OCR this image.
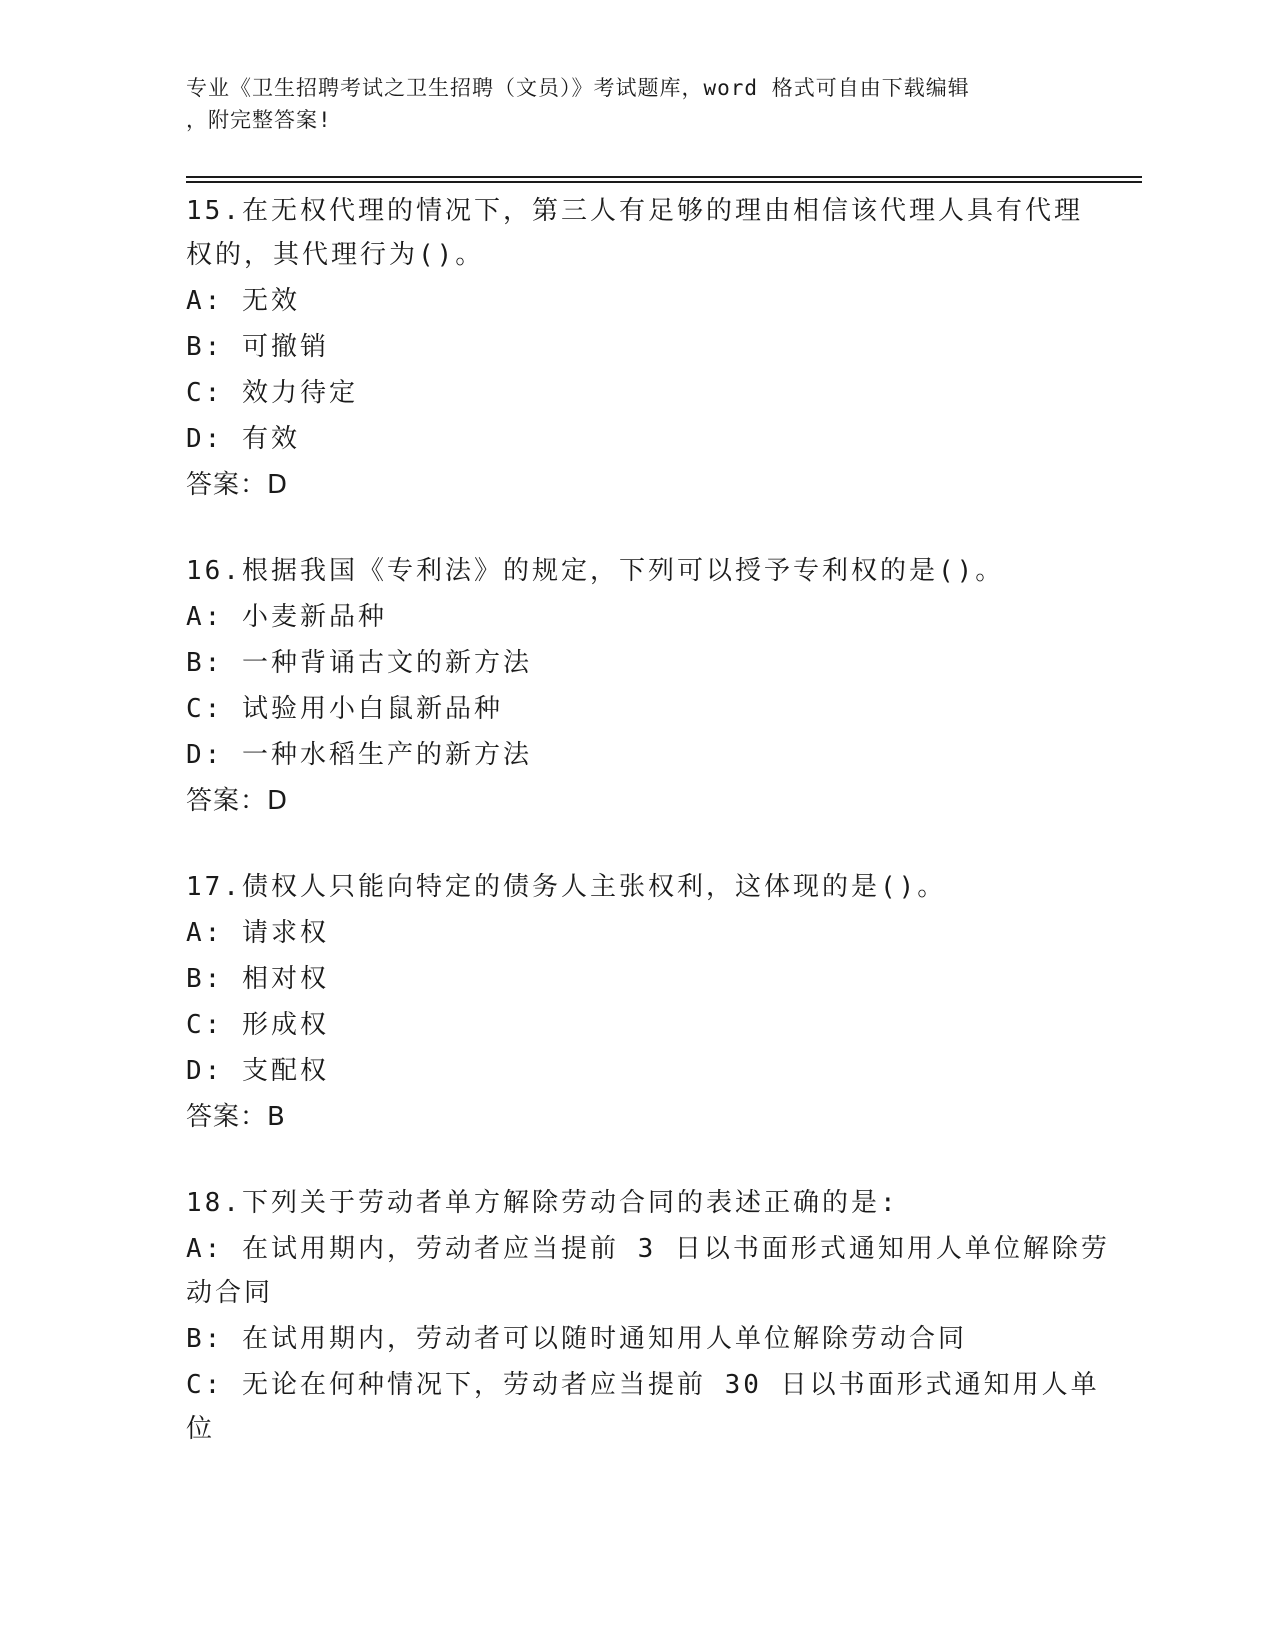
专业《卫生招聘考试之卫生招聘（文员）》考试题库，word 格式可自由下载编辑
，附完整答案!
15.在无权代理的情况下，第三人有足够的理由相信该代理人具有代理
权的，其代理行为()。
A: 无效
B: 可撤销
C: 效力待定
D: 有效
答案：D
16.根据我国《专利法》的规定，下列可以授予专利权的是()。
A: 小麦新品种
B: 一种背诵古文的新方法
C: 试验用小白鼠新品种
D: 一种水稻生产的新方法
答案：D
17.债权人只能向特定的债务人主张权利，这体现的是()。
A: 请求权
B: 相对权
C: 形成权
D: 支配权
答案：B
18.下列关于劳动者单方解除劳动合同的表述正确的是:
A: 在试用期内，劳动者应当提前 3 日以书面形式通知用人单位解除劳
动合同
B: 在试用期内，劳动者可以随时通知用人单位解除劳动合同
C: 无论在何种情况下，劳动者应当提前 30 日以书面形式通知用人单
位
